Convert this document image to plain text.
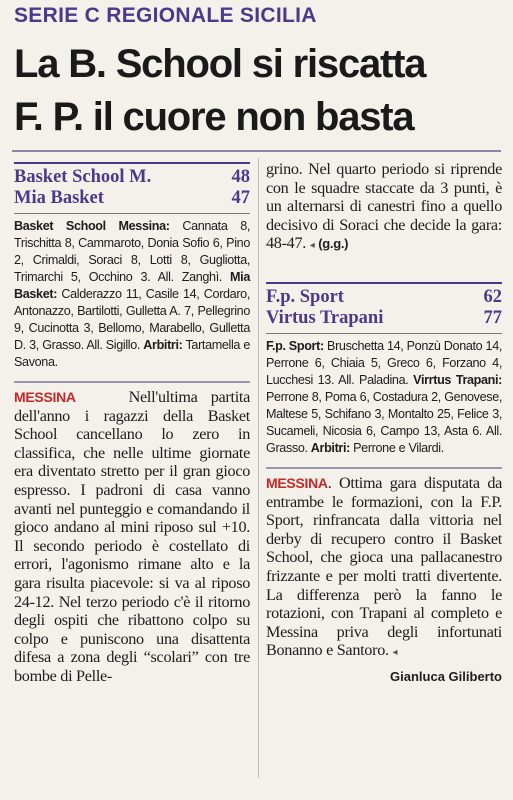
SERIE C REGIONALE SICILIA
La B. School si riscatta
F. P. il cuore non basta
Basket School M.	48
Mia Basket	47
Basket School Messina: Cannata 8, Trischitta 8, Cammaroto, Donia Sofio 6, Pino 2, Crimaldi, Soraci 8, Lotti 8, Gugliotta, Trimarchi 5, Occhino 3. All. Zanghì. Mia Basket: Calderazzo 11, Casile 14, Cordaro, Antonazzo, Bartilotti, Gulletta A. 7, Pellegrino 9, Cucinotta 3, Bellomo, Marabello, Gulletta D. 3, Grasso. All. Sigillo. Arbitri: Tartamella e Savona.
MESSINA	Nell'ultima partita dell'anno i ragazzi della Basket School cancellano lo zero in classifica, che nelle ultime giornate era diventato stretto per il gran gioco espresso. I padroni di casa vanno avanti nel punteggio e comandando il gioco andano al mini riposo sul +10. Il secondo periodo è costellato di errori, l'agonismo rimane alto e la gara risulta piacevole: si va al riposo 24-12. Nel terzo periodo c'è il ritorno degli ospiti che ribattono colpo su colpo e puniscono una disattenta difesa a zona degli “scolari” con tre bombe di Pelle-
grino. Nel quarto periodo si riprende con le squadre staccate da 3 punti, è un alternarsi di canestri fino a quello decisivo di Soraci che decide la gara: 48-47. ◂ (g.g.)
F.p. Sport	62
Virtus Trapani	77
F.p. Sport: Bruschetta 14, Ponzù Donato 14, Perrone 6, Chiaia 5, Greco 6, Forzano 4, Lucchesi 13. All. Paladina. Virrtus Trapani: Perrone 8, Poma 6, Costadura 2, Genovese, Maltese 5, Schifano 3, Montalto 25, Felice 3, Sucameli, Nicosia 6, Campo 13, Asta 6. All. Grasso. Arbitri: Perrone e Vilardi.
MESSINA. Ottima gara disputata da entrambe le formazioni, con la F.P. Sport, rinfrancata dalla vittoria nel derby di recupero contro il Basket School, che gioca una pallacanestro frizzante e per molti tratti divertente. La differenza però la fanno le rotazioni, con Trapani al completo e Messina priva degli infortunati Bonanno e Santoro. ◂
Gianluca Giliberto
